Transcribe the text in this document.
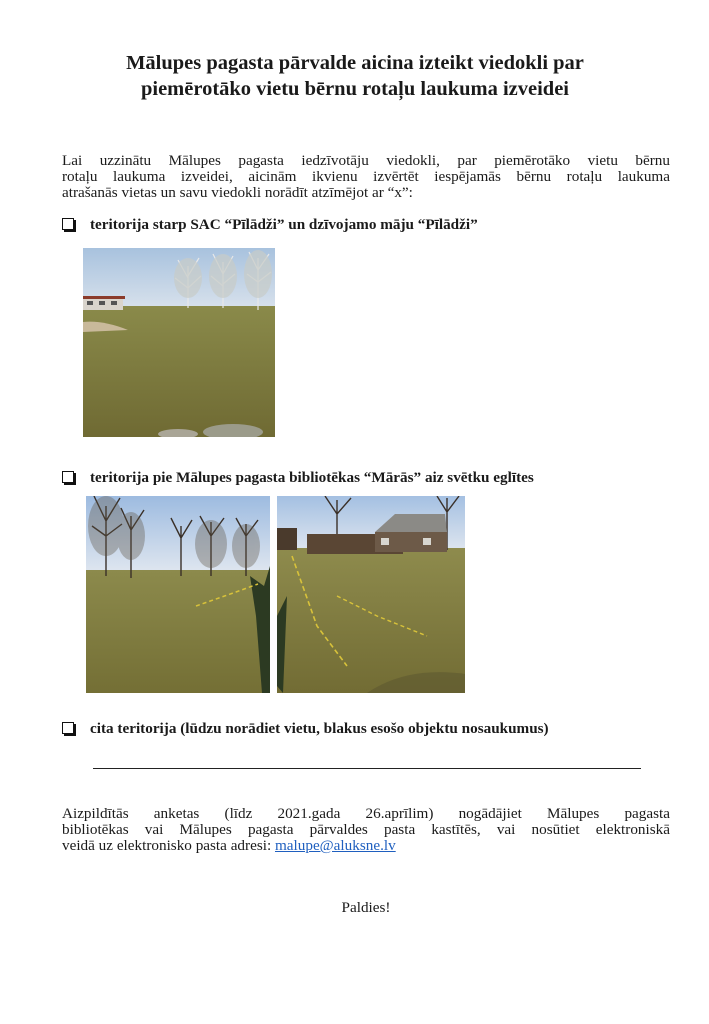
Mālupes pagasta pārvalde aicina izteikt viedokli par
piemērotāko vietu bērnu rotaļu laukuma izveidei
Lai uzzinātu Mālupes pagasta iedzīvotāju viedokli, par piemērotāko vietu bērnu
rotaļu laukuma izveidei, aicinām ikvienu izvērtēt iespējamās bērnu rotaļu laukuma
atrašanās vietas un savu viedokli norādīt atzīmējot ar “x”:
teritorija starp SAC “Pīlādži” un dzīvojamo māju “Pīlādži”
teritorija pie Mālupes pagasta bibliotēkas “Mārās” aiz svētku eglītes
cita teritorija (lūdzu norādiet vietu, blakus esošo objektu nosaukumus)
Aizpildītās anketas (līdz 2021.gada 26.aprīlim) nogādājiet Mālupes pagasta
bibliotēkas vai Mālupes pagasta pārvaldes pasta kastītēs, vai nosūtiet elektroniskā
veidā uz elektronisko pasta adresi: malupe@aluksne.lv
Paldies!
